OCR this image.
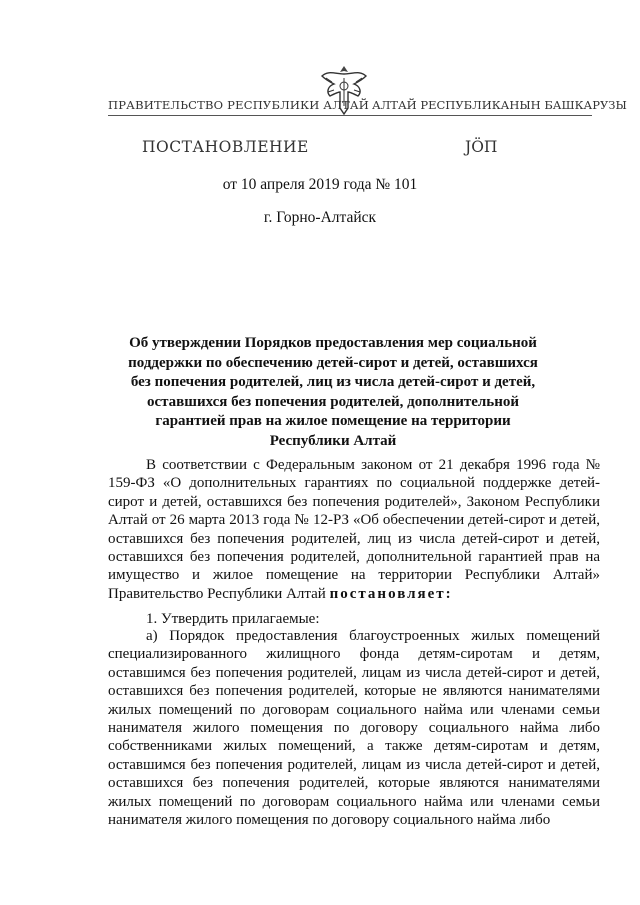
ПРАВИТЕЛЬСТВО РЕСПУБЛИКИ АЛТАЙ АЛТАЙ РЕСПУБЛИКАНЫН БАШКАРУЗЫ
ПОСТАНОВЛЕНИЕ	JÖП
от 10 апреля 2019 года № 101
г. Горно-Алтайск
Об утверждении Порядков предоставления мер социальной поддержки по обеспечению детей-сирот и детей, оставшихся без попечения родителей, лиц из числа детей-сирот и детей, оставшихся без попечения родителей, дополнительной гарантией прав на жилое помещение на территории Республики Алтай
В соответствии с Федеральным законом от 21 декабря 1996 года № 159-ФЗ «О дополнительных гарантиях по социальной поддержке детей-сирот и детей, оставшихся без попечения родителей», Законом Республики Алтай от 26 марта 2013 года № 12-РЗ «Об обеспечении детей-сирот и детей, оставшихся без попечения родителей, лиц из числа детей-сирот и детей, оставшихся без попечения родителей, дополнительной гарантией прав на имущество и жилое помещение на территории Республики Алтай» Правительство Республики Алтай постановляет:
1. Утвердить прилагаемые:
а) Порядок предоставления благоустроенных жилых помещений специализированного жилищного фонда детям-сиротам и детям, оставшимся без попечения родителей, лицам из числа детей-сирот и детей, оставшихся без попечения родителей, которые не являются нанимателями жилых помещений по договорам социального найма или членами семьи нанимателя жилого помещения по договору социального найма либо собственниками жилых помещений, а также детям-сиротам и детям, оставшимся без попечения родителей, лицам из числа детей-сирот и детей, оставшихся без попечения родителей, которые являются нанимателями жилых помещений по договорам социального найма или членами семьи нанимателя жилого помещения по договору социального найма либо
